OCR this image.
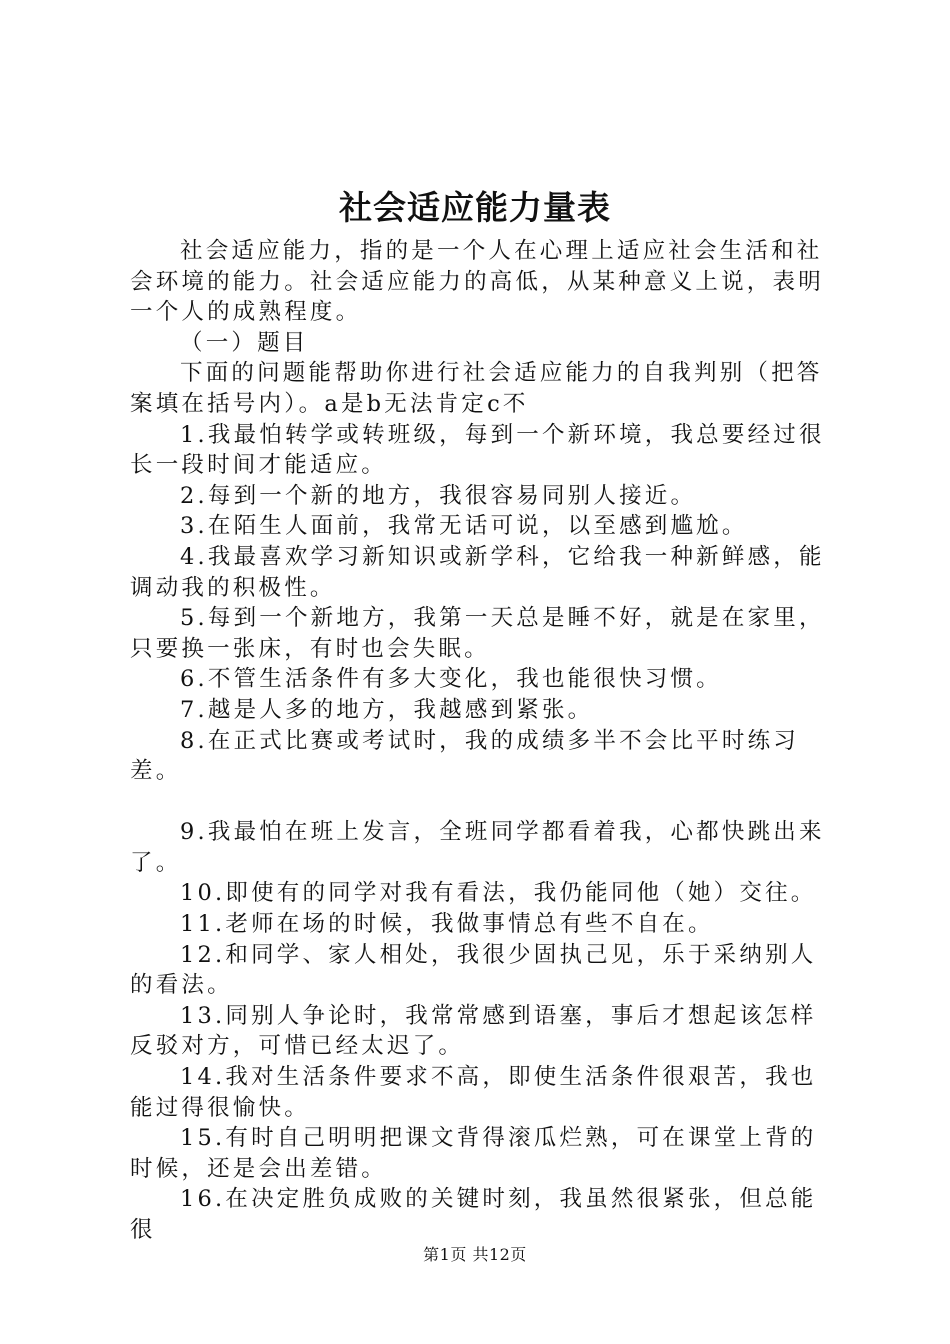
社会适应能力量表

社会适应能力，指的是一个人在心理上适应社会生活和社会环境的能力。社会适应能力的高低，从某种意义上说，表明一个人的成熟程度。

（一）题目

下面的问题能帮助你进行社会适应能力的自我判别（把答案填在括号内）。a是b无法肯定c不

1.我最怕转学或转班级，每到一个新环境，我总要经过很长一段时间才能适应。

2.每到一个新的地方，我很容易同别人接近。

3.在陌生人面前，我常无话可说，以至感到尴尬。

4.我最喜欢学习新知识或新学科，它给我一种新鲜感，能调动我的积极性。

5.每到一个新地方，我第一天总是睡不好，就是在家里，只要换一张床，有时也会失眠。

6.不管生活条件有多大变化，我也能很快习惯。

7.越是人多的地方，我越感到紧张。

8.在正式比赛或考试时，我的成绩多半不会比平时练习差。

9.我最怕在班上发言，全班同学都看着我，心都快跳出来了。

10.即使有的同学对我有看法，我仍能同他（她）交往。

11.老师在场的时候，我做事情总有些不自在。

12.和同学、家人相处，我很少固执己见，乐于采纳别人的看法。

13.同别人争论时，我常常感到语塞，事后才想起该怎样反驳对方，可惜已经太迟了。

14.我对生活条件要求不高，即使生活条件很艰苦，我也能过得很愉快。

15.有时自己明明把课文背得滚瓜烂熟，可在课堂上背的时候，还是会出差错。

16.在决定胜负成败的关键时刻，我虽然很紧张，但总能很

第1页 共12页
